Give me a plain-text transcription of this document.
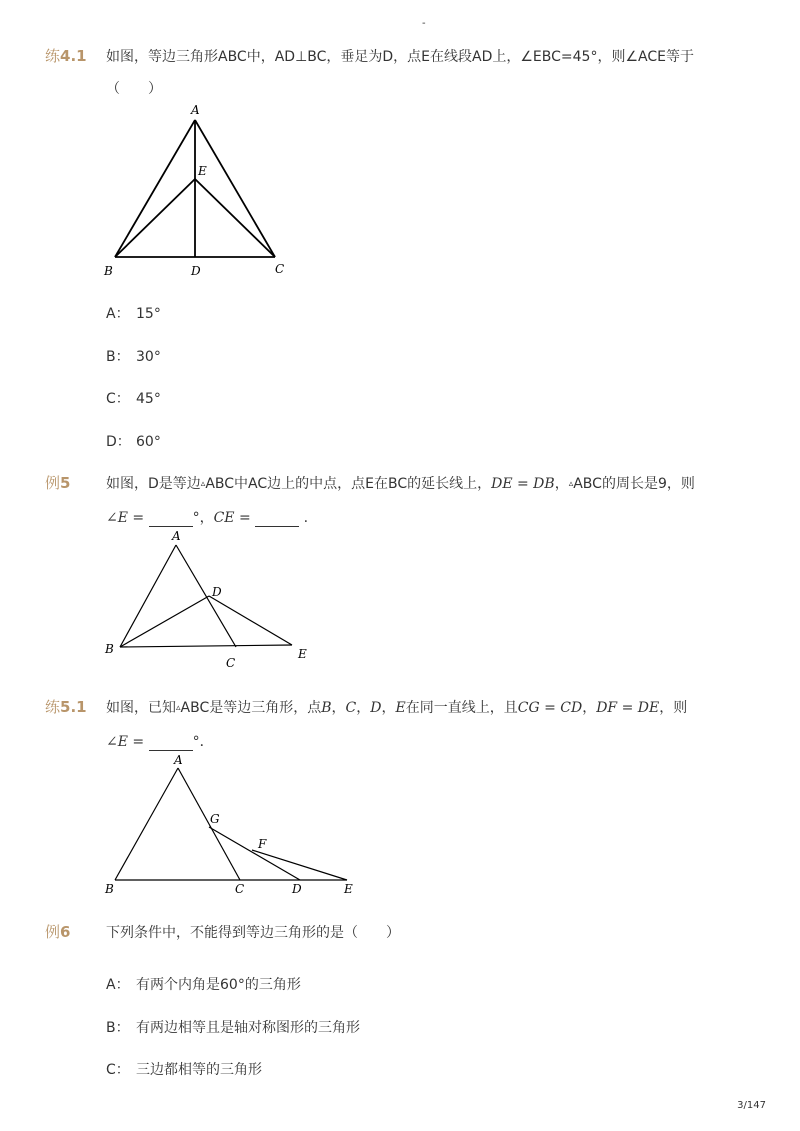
-
练4.1 如图，等边三角形ABC中，AD⊥BC，垂足为D，点E在线段AD上，∠EBC=45°，则∠ACE等于
（　　）
A
E
B	D	C
A： 15°
B： 30°
C： 45°
D： 60°
例5	如图，D是等边▵ABC中AC边上的中点，点E在BC的延长线上，DE = DB，▵ABC的周长是9，则
∠E =	°，CE =	.
A
D
B
C
E
练5.1 如图，已知▵ABC是等边三角形，点B，C，D，E在同一直线上，且CG = CD，DF = DE，则
∠E =	°．
A
G
F
B	C	D	E
例6	下列条件中，不能得到等边三角形的是（　　）
A： 有两个内角是60°的三角形
B： 有两边相等且是轴对称图形的三角形
C： 三边都相等的三角形
3/147
